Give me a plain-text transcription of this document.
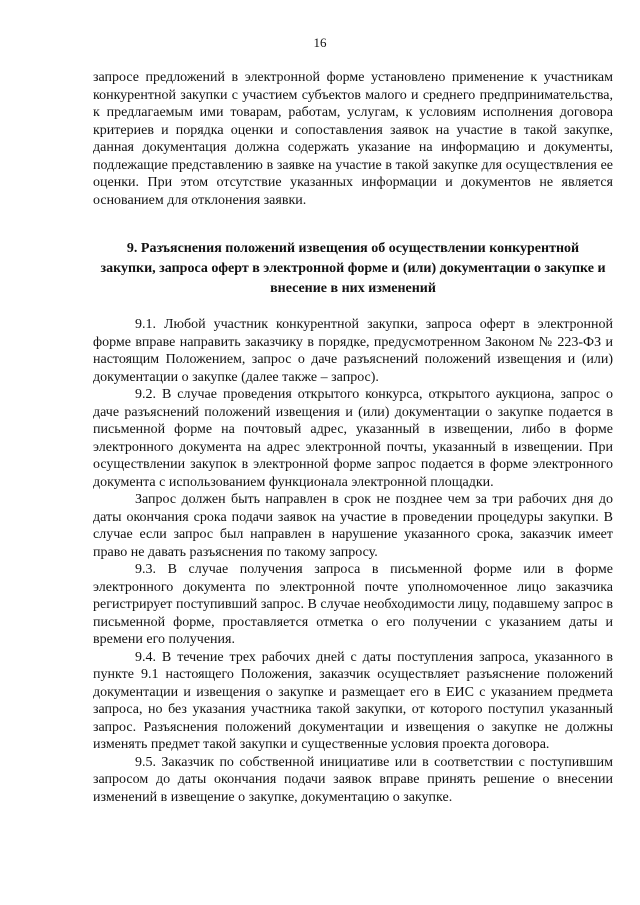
16

запросе предложений в электронной форме установлено применение к участникам конкурентной закупки с участием субъектов малого и среднего предпринимательства, к предлагаемым ими товарам, работам, услугам, к условиям исполнения договора критериев и порядка оценки и сопоставления заявок на участие в такой закупке, данная документация должна содержать указание на информацию и документы, подлежащие представлению в заявке на участие в такой закупке для осуществления ее оценки. При этом отсутствие указанных информации и документов не является основанием для отклонения заявки.

9. Разъяснения положений извещения об осуществлении конкурентной закупки, запроса оферт в электронной форме и (или) документации о закупке и внесение в них изменений

9.1. Любой участник конкурентной закупки, запроса оферт в электронной форме вправе направить заказчику в порядке, предусмотренном Законом № 223-ФЗ и настоящим Положением, запрос о даче разъяснений положений извещения и (или) документации о закупке (далее также – запрос).

9.2. В случае проведения открытого конкурса, открытого аукциона, запрос о даче разъяснений положений извещения и (или) документации о закупке подается в письменной форме на почтовый адрес, указанный в извещении, либо в форме электронного документа на адрес электронной почты, указанный в извещении. При осуществлении закупок в электронной форме запрос подается в форме электронного документа с использованием функционала электронной площадки.

Запрос должен быть направлен в срок не позднее чем за три рабочих дня до даты окончания срока подачи заявок на участие в проведении процедуры закупки. В случае если запрос был направлен в нарушение указанного срока, заказчик имеет право не давать разъяснения по такому запросу.

9.3. В случае получения запроса в письменной форме или в форме электронного документа по электронной почте уполномоченное лицо заказчика регистрирует поступивший запрос. В случае необходимости лицу, подавшему запрос в письменной форме, проставляется отметка о его получении с указанием даты и времени его получения.

9.4. В течение трех рабочих дней с даты поступления запроса, указанного в пункте 9.1 настоящего Положения, заказчик осуществляет разъяснение положений документации и извещения о закупке и размещает его в ЕИС с указанием предмета запроса, но без указания участника такой закупки, от которого поступил указанный запрос. Разъяснения положений документации и извещения о закупке не должны изменять предмет такой закупки и существенные условия проекта договора.

9.5. Заказчик по собственной инициативе или в соответствии с поступившим запросом до даты окончания подачи заявок вправе принять решение о внесении изменений в извещение о закупке, документацию о закупке.
